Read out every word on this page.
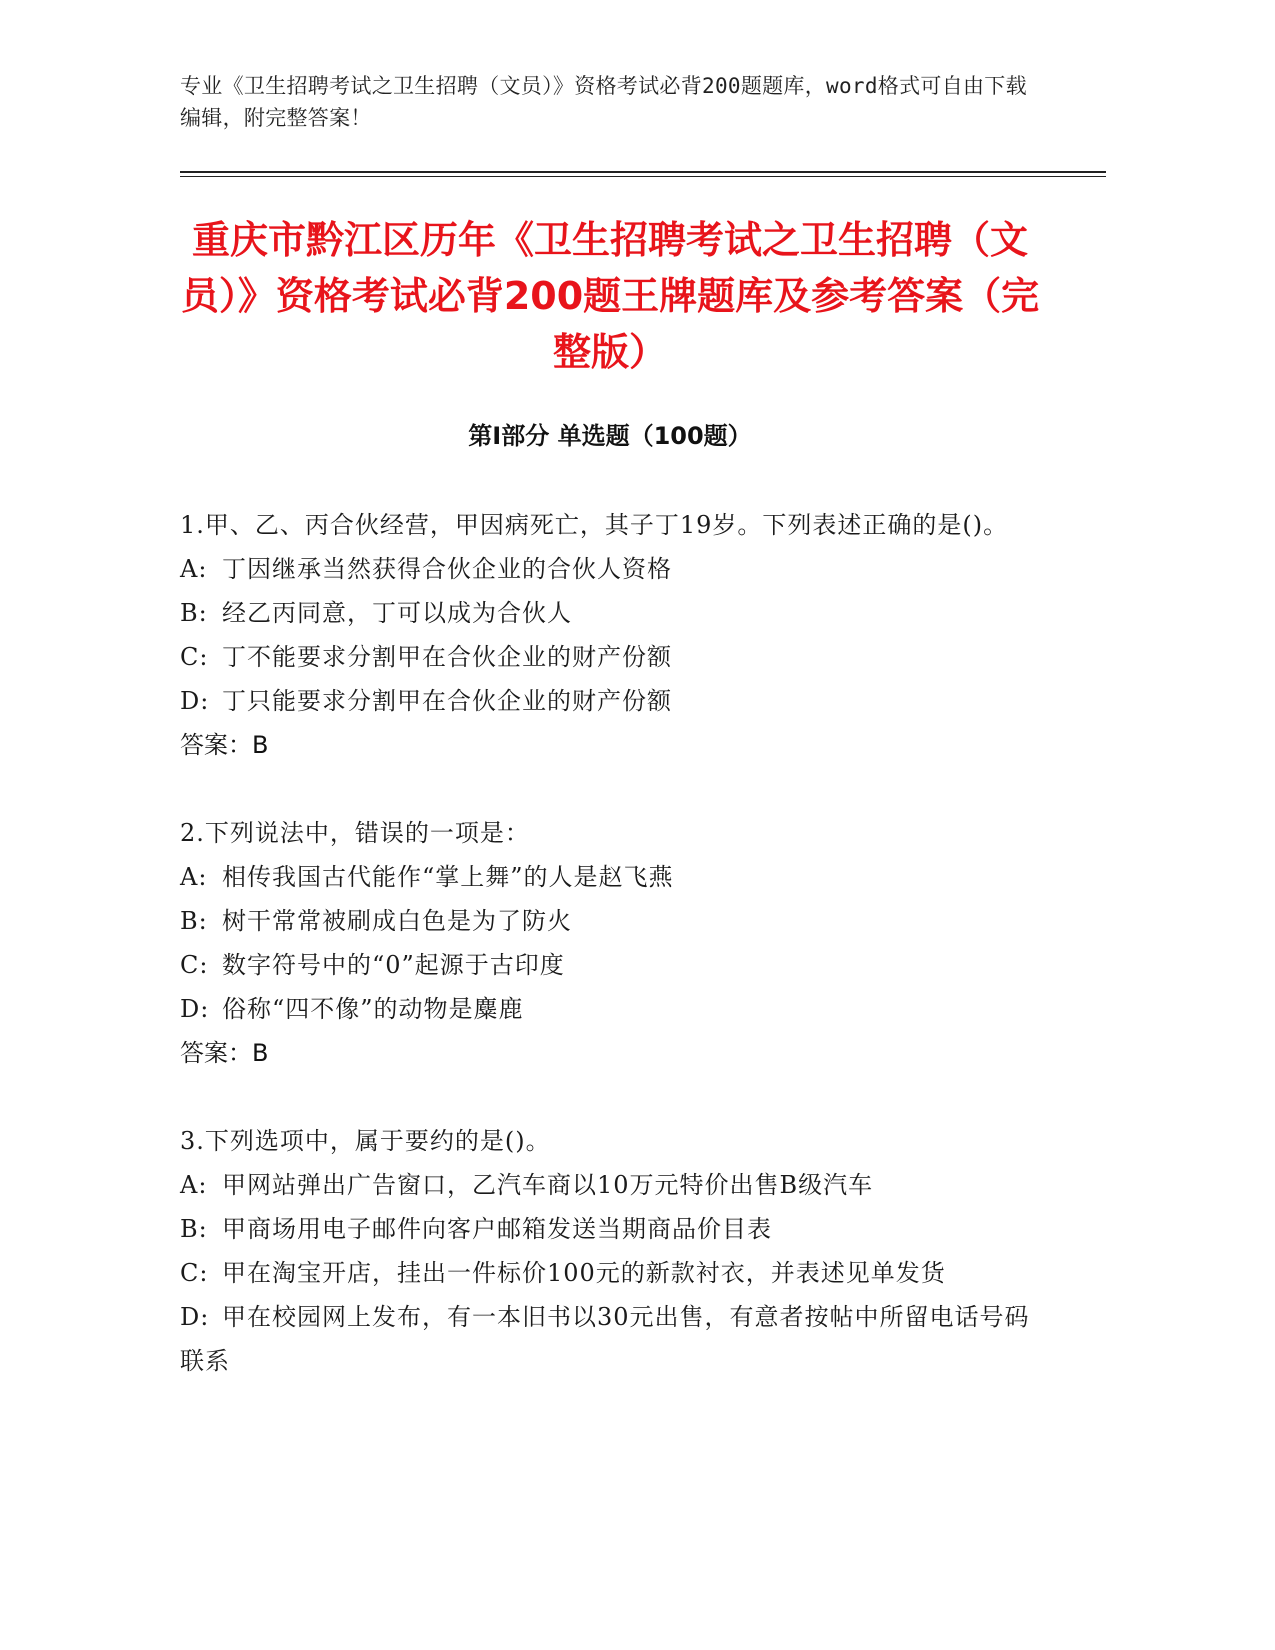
专业《卫生招聘考试之卫生招聘（文员）》资格考试必背200题题库，word格式可自由下载编辑，附完整答案！
重庆市黔江区历年《卫生招聘考试之卫生招聘（文员）》资格考试必背200题王牌题库及参考答案（完整版）
第Ⅰ部分 单选题（100题）
1.甲、乙、丙合伙经营，甲因病死亡，其子丁19岁。下列表述正确的是()。
A: 丁因继承当然获得合伙企业的合伙人资格
B: 经乙丙同意，丁可以成为合伙人
C: 丁不能要求分割甲在合伙企业的财产份额
D: 丁只能要求分割甲在合伙企业的财产份额
答案：B
2.下列说法中，错误的一项是：
A: 相传我国古代能作“掌上舞”的人是赵飞燕
B: 树干常常被刷成白色是为了防火
C: 数字符号中的“0”起源于古印度
D: 俗称“四不像”的动物是麋鹿
答案：B
3.下列选项中，属于要约的是()。
A: 甲网站弹出广告窗口，乙汽车商以10万元特价出售B级汽车
B: 甲商场用电子邮件向客户邮箱发送当期商品价目表
C: 甲在淘宝开店，挂出一件标价100元的新款衬衣，并表述见单发货
D: 甲在校园网上发布，有一本旧书以30元出售，有意者按帖中所留电话号码联系
